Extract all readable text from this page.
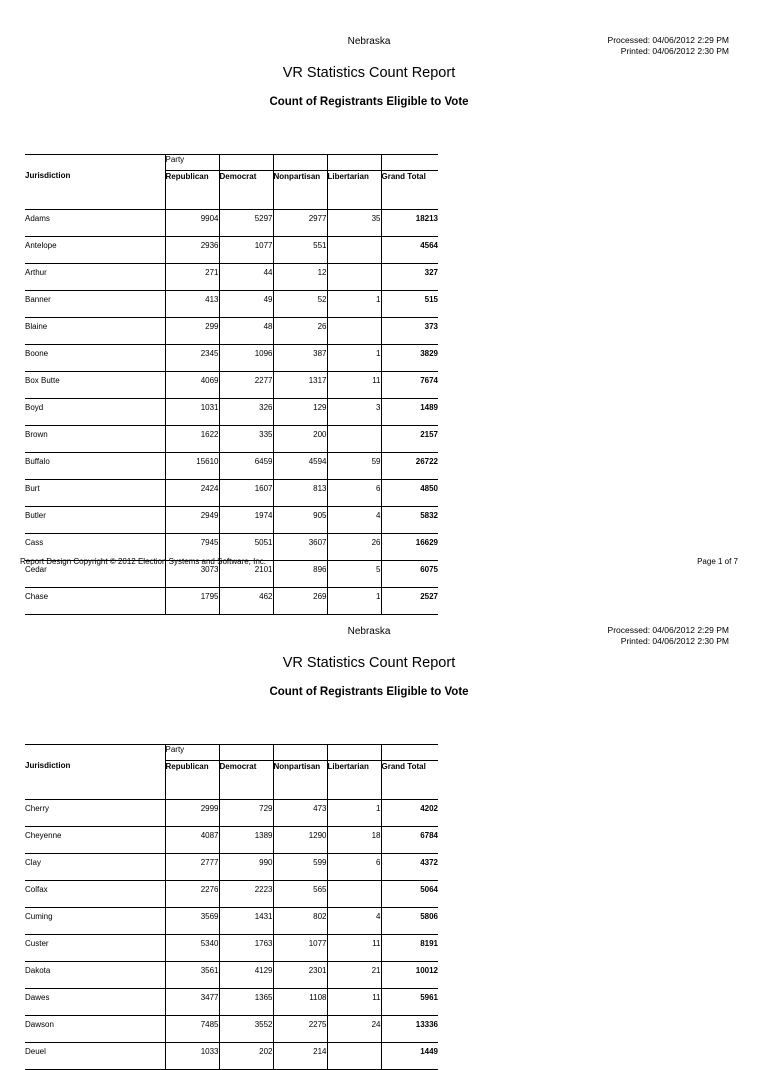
Nebraska	Processed: 04/06/2012 2:29 PM
Printed: 04/06/2012 2:30 PM
VR Statistics Count Report
Count of Registrants Eligible to Vote
	Party				
Jurisdiction	Republican	Democrat	Nonpartisan	Libertarian	Grand Total
Adams	9904	5297	2977	35	18213
Antelope	2936	1077	551		4564
Arthur	271	44	12		327
Banner	413	49	52	1	515
Blaine	299	48	26		373
Boone	2345	1096	387	1	3829
Box Butte	4069	2277	1317	11	7674
Boyd	1031	326	129	3	1489
Brown	1622	335	200		2157
Buffalo	15610	6459	4594	59	26722
Burt	2424	1607	813	6	4850
Butler	2949	1974	905	4	5832
Cass	7945	5051	3607	26	16629
Cedar	3073	2101	896	5	6075
Chase	1795	462	269	1	2527
Report Design Copyright © 2012 Election Systems and Software, Inc.	Page 1 of 7
Nebraska	Processed: 04/06/2012 2:29 PM
Printed: 04/06/2012 2:30 PM
VR Statistics Count Report
Count of Registrants Eligible to Vote
	Party				
Jurisdiction	Republican	Democrat	Nonpartisan	Libertarian	Grand Total
Cherry	2999	729	473	1	4202
Cheyenne	4087	1389	1290	18	6784
Clay	2777	990	599	6	4372
Colfax	2276	2223	565		5064
Cuming	3569	1431	802	4	5806
Custer	5340	1763	1077	11	8191
Dakota	3561	4129	2301	21	10012
Dawes	3477	1365	1108	11	5961
Dawson	7485	3552	2275	24	13336
Deuel	1033	202	214		1449
